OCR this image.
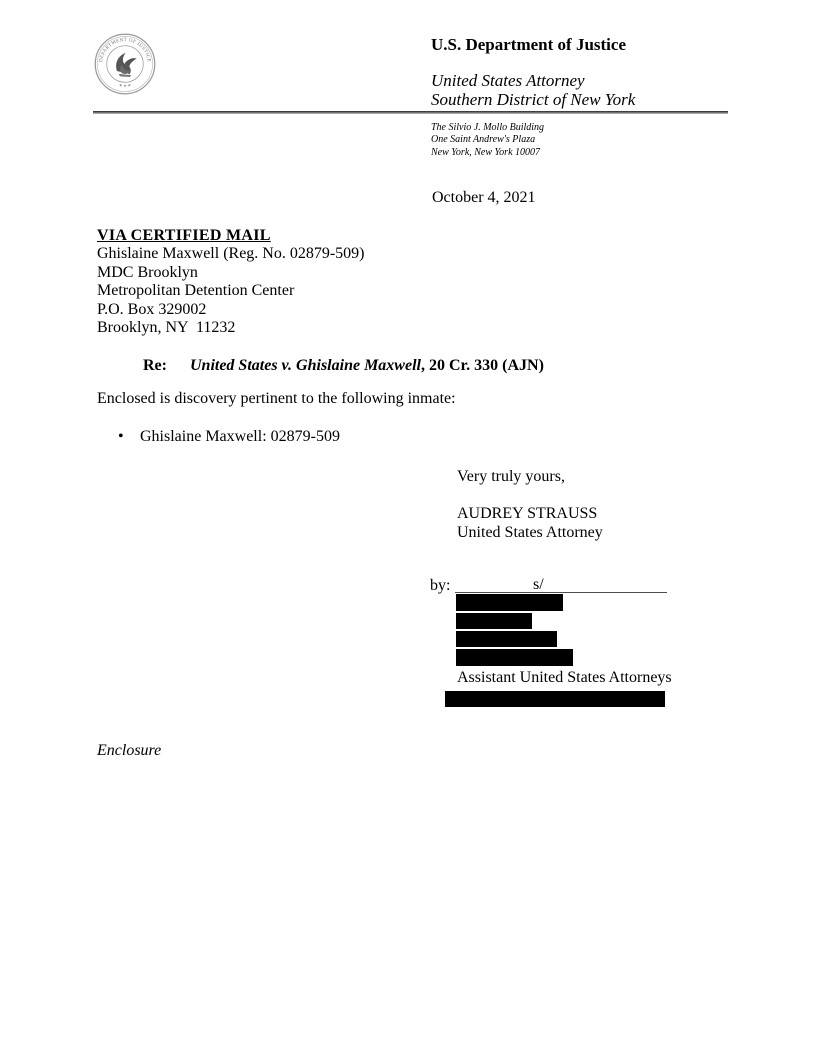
DEPARTMENT OF JUSTICE
★ ★ ★
U.S. Department of Justice
United States Attorney
Southern District of New York
The Silvio J. Mollo Building
One Saint Andrew's Plaza
New York, New York 10007
October 4, 2021
VIA CERTIFIED MAIL
Ghislaine Maxwell (Reg. No. 02879-509)
MDC Brooklyn
Metropolitan Detention Center
P.O. Box 329002
Brooklyn, NY  11232
Re: United States v. Ghislaine Maxwell, 20 Cr. 330 (AJN)
Enclosed is discovery pertinent to the following inmate:
• Ghislaine Maxwell: 02879-509
Very truly yours,
AUDREY STRAUSS
United States Attorney
by:	s/
Assistant United States Attorneys
Enclosure
